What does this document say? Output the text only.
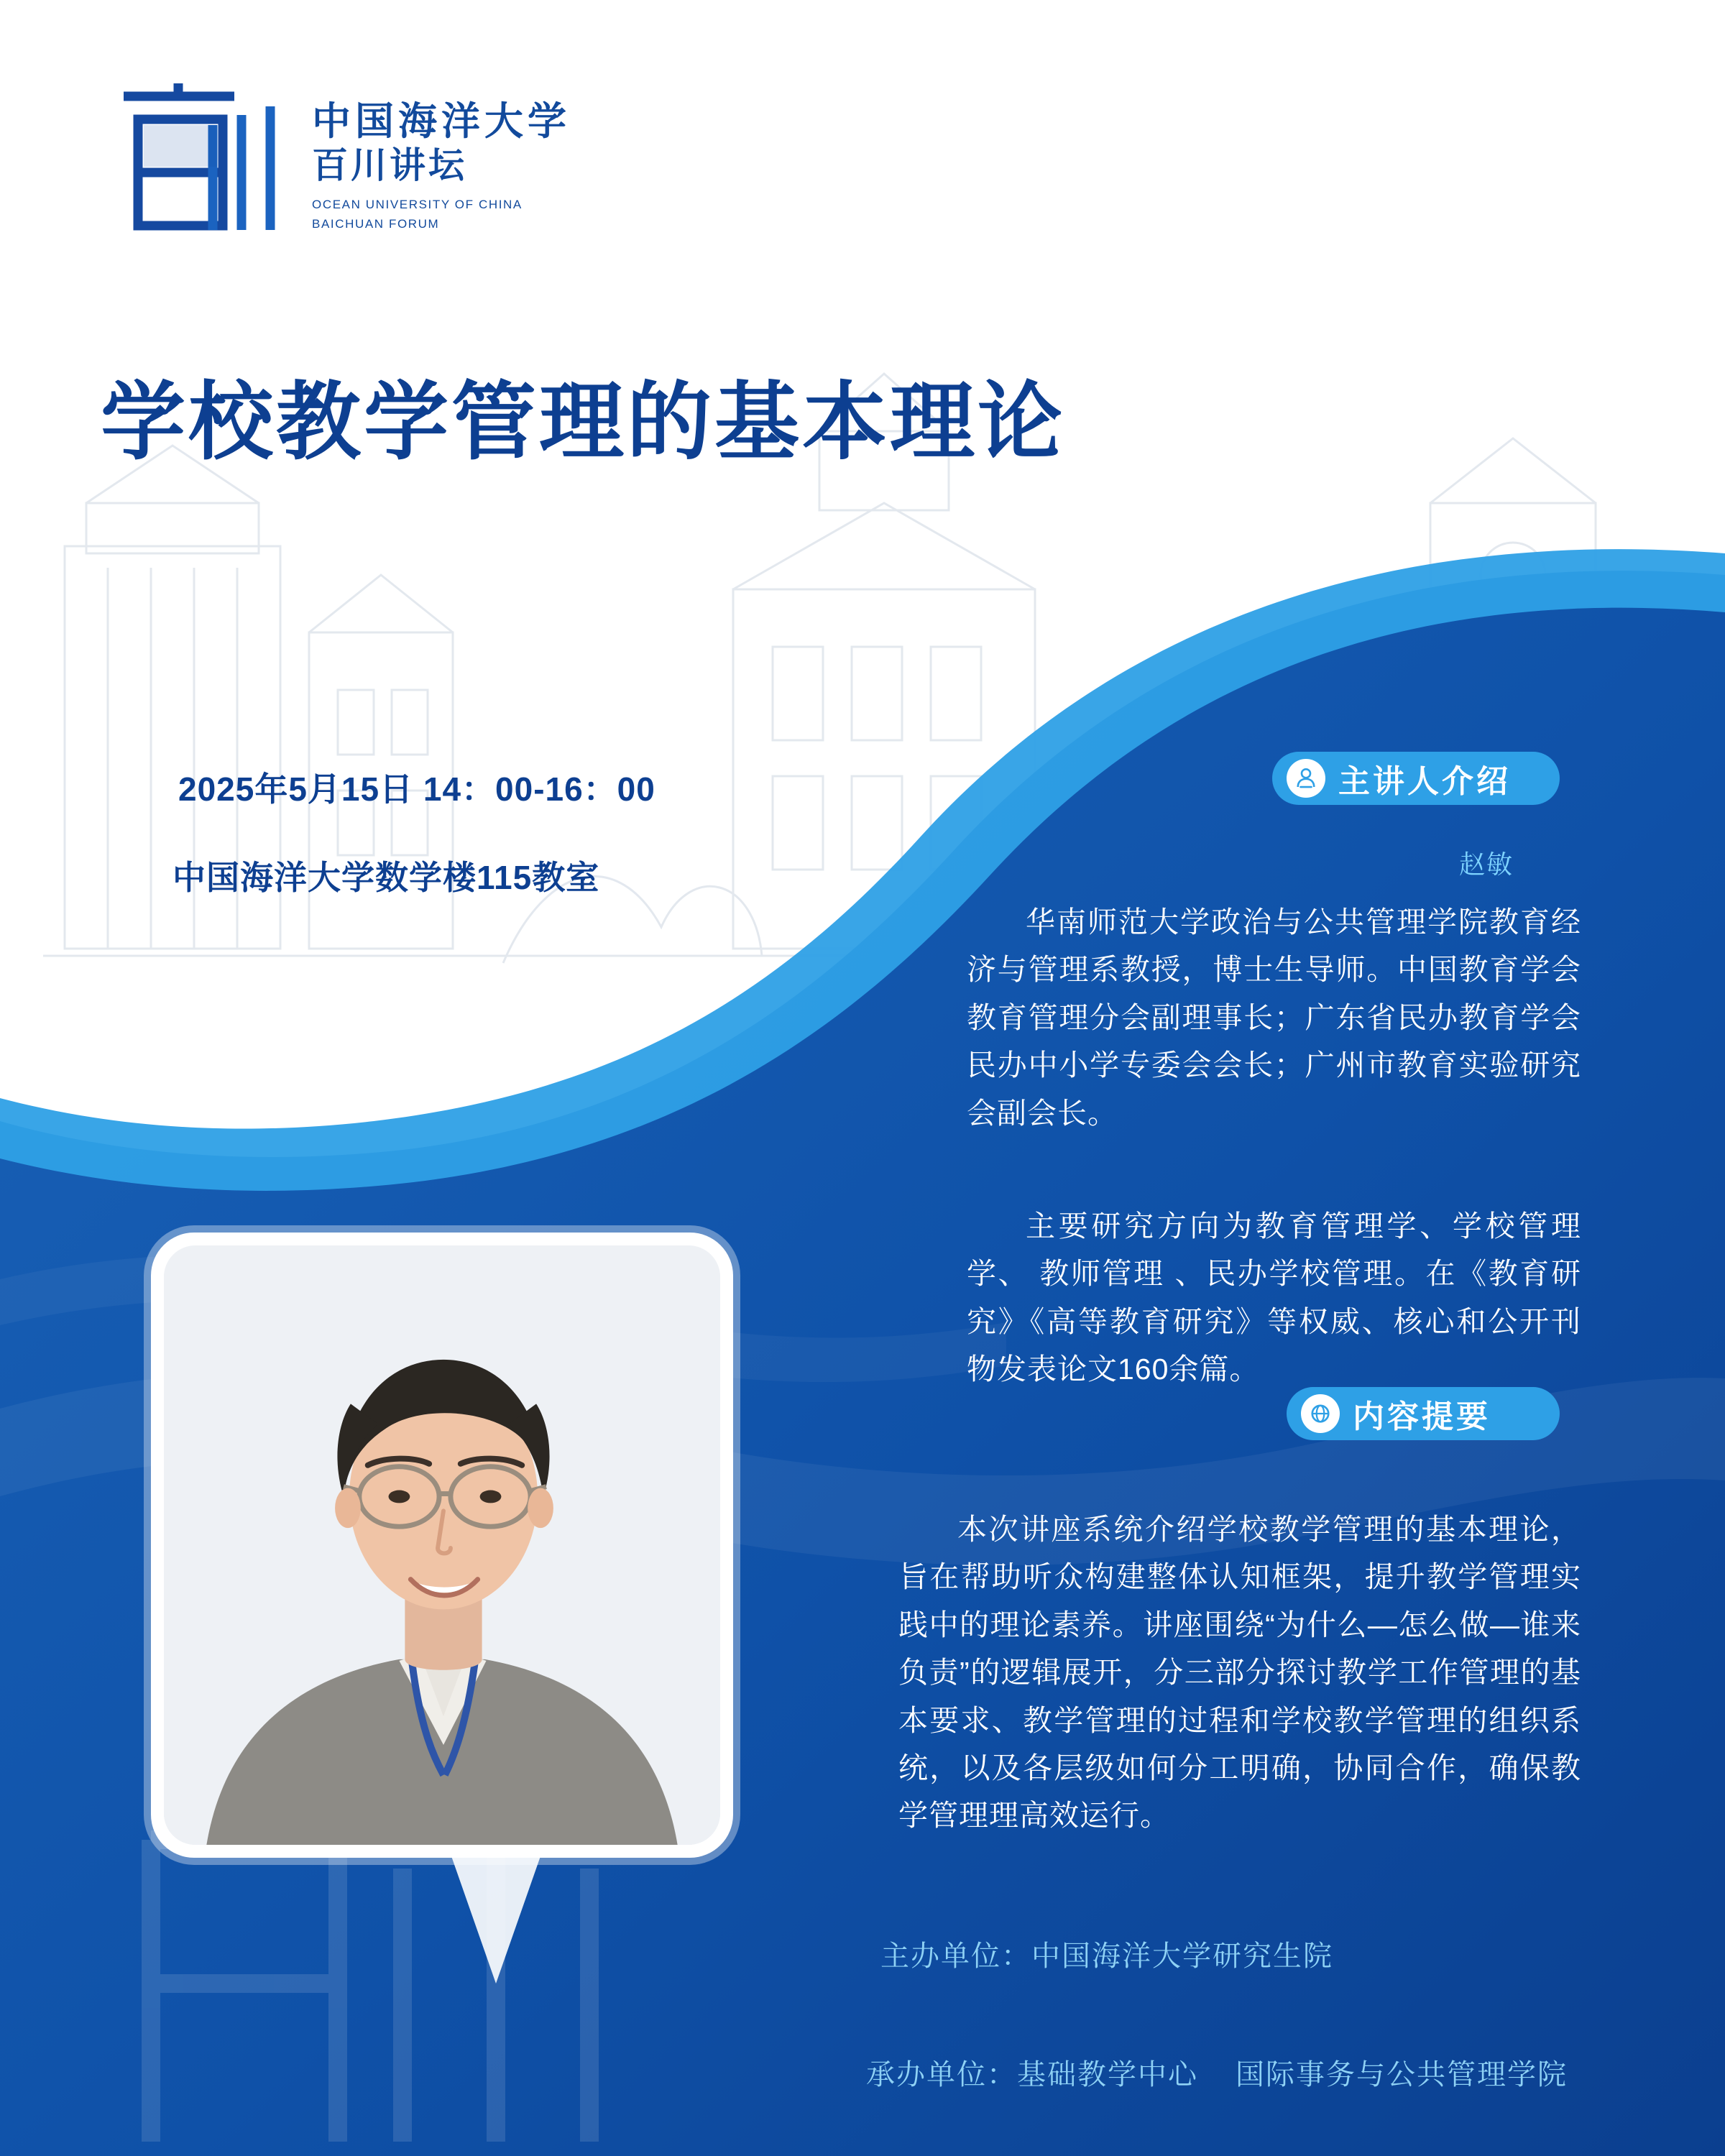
中国海洋大学
百川讲坛
OCEAN UNIVERSITY OF CHINA
BAICHUAN FORUM
学校教学管理的基本理论
2025年5月15日 14：00-16：00
中国海洋大学数学楼115教室
主讲人介绍
赵敏
华南师范大学政治与公共管理学院教育经济与管理系教授，博士生导师。中国教育学会教育管理分会副理事长；广东省民办教育学会民办中小学专委会会长；广州市教育实验研究会副会长。
主要研究方向为教育管理学、学校管理学、 教师管理 、民办学校管理。在《教育研究》《高等教育研究》等权威、核心和公开刊物发表论文160余篇。
内容提要
本次讲座系统介绍学校教学管理的基本理论，旨在帮助听众构建整体认知框架，提升教学管理实践中的理论素养。讲座围绕“为什么—怎么做—谁来负责”的逻辑展开，分三部分探讨教学工作管理的基本要求、教学管理的过程和学校教学管理的组织系统，以及各层级如何分工明确，协同合作，确保教学管理理高效运行。
主办单位：中国海洋大学研究生院
承办单位：基础教学中心 国际事务与公共管理学院
